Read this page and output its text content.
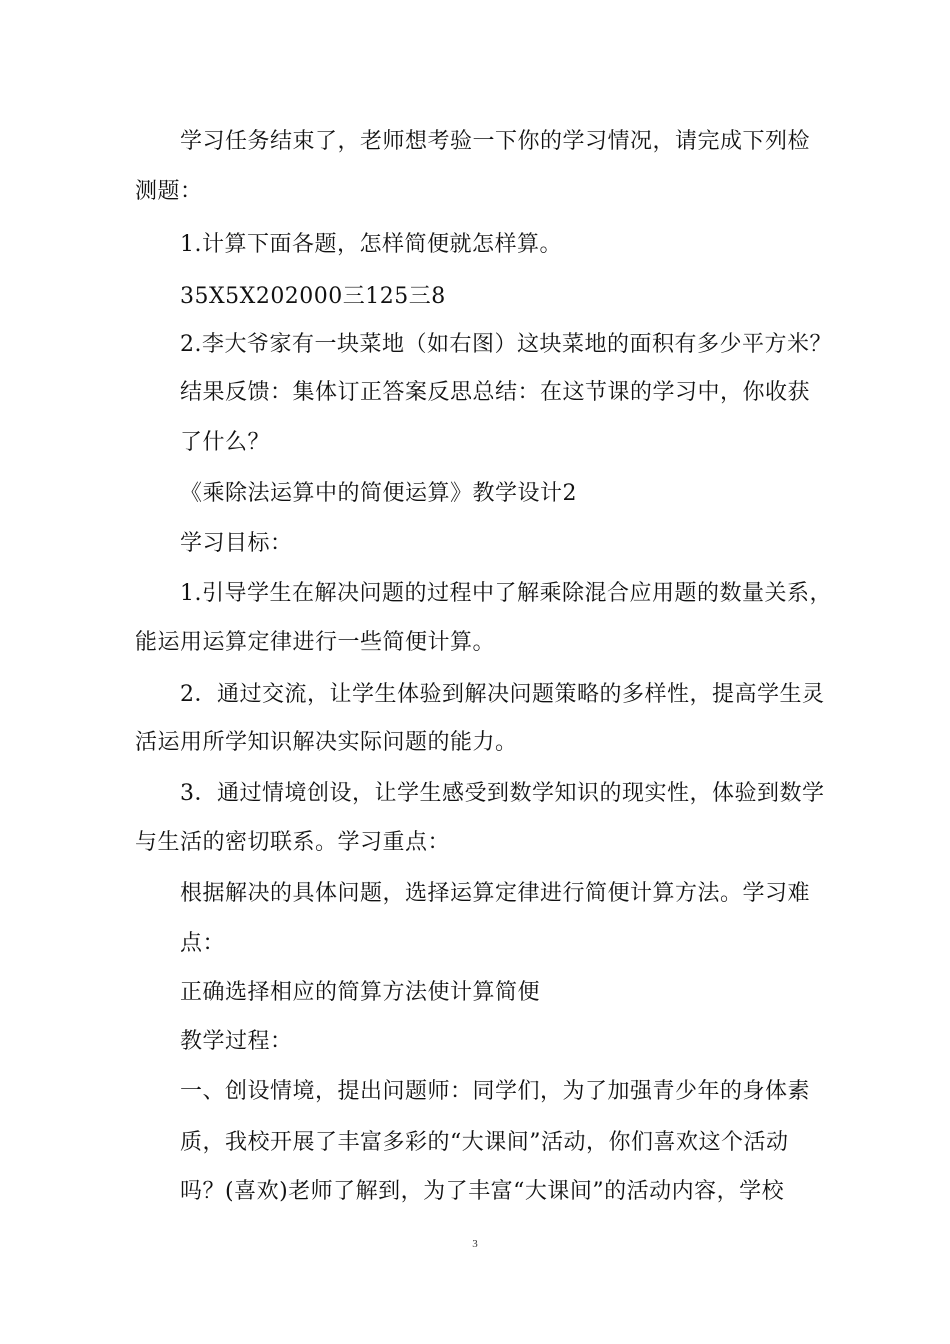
学习任务结束了，老师想考验一下你的学习情况，请完成下列检
测题：
1.计算下面各题，怎样简便就怎样算。
35X5X202000三125三8
2.李大爷家有一块菜地（如右图）这块菜地的面积有多少平方米？
结果反馈：集体订正答案反思总结：在这节课的学习中，你收获
了什么？
《乘除法运算中的简便运算》教学设计2
学习目标：
1.引导学生在解决问题的过程中了解乘除混合应用题的数量关系，
能运用运算定律进行一些简便计算。
2．通过交流，让学生体验到解决问题策略的多样性，提高学生灵
活运用所学知识解决实际问题的能力。
3．通过情境创设，让学生感受到数学知识的现实性，体验到数学
与生活的密切联系。学习重点：
根据解决的具体问题，选择运算定律进行简便计算方法。学习难
点：
正确选择相应的简算方法使计算简便
教学过程：
一、创设情境，提出问题师：同学们，为了加强青少年的身体素
质，我校开展了丰富多彩的“大课间”活动，你们喜欢这个活动
吗？(喜欢)老师了解到，为了丰富“大课间”的活动内容，学校
3
